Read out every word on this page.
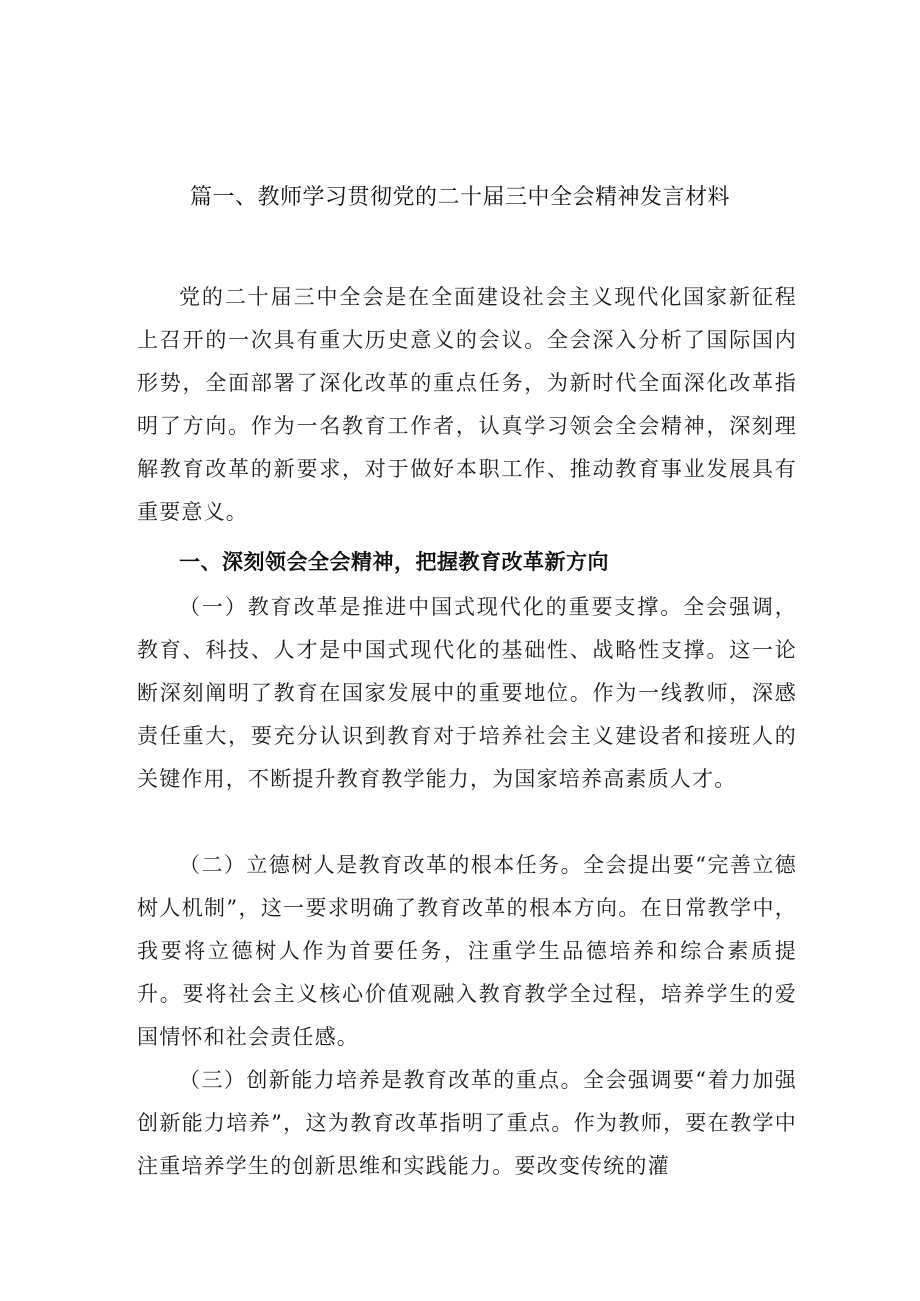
篇一、教师学习贯彻党的二十届三中全会精神发言材料

党的二十届三中全会是在全面建设社会主义现代化国家新征程上召开的一次具有重大历史意义的会议。全会深入分析了国际国内形势，全面部署了深化改革的重点任务，为新时代全面深化改革指明了方向。作为一名教育工作者，认真学习领会全会精神，深刻理解教育改革的新要求，对于做好本职工作、推动教育事业发展具有重要意义。

一、深刻领会全会精神，把握教育改革新方向

（一）教育改革是推进中国式现代化的重要支撑。全会强调，教育、科技、人才是中国式现代化的基础性、战略性支撑。这一论断深刻阐明了教育在国家发展中的重要地位。作为一线教师，深感责任重大，要充分认识到教育对于培养社会主义建设者和接班人的关键作用，不断提升教育教学能力，为国家培养高素质人才。

（二）立德树人是教育改革的根本任务。全会提出要“完善立德树人机制”，这一要求明确了教育改革的根本方向。在日常教学中，我要将立德树人作为首要任务，注重学生品德培养和综合素质提升。要将社会主义核心价值观融入教育教学全过程，培养学生的爱国情怀和社会责任感。

（三）创新能力培养是教育改革的重点。全会强调要“着力加强创新能力培养”，这为教育改革指明了重点。作为教师，要在教学中注重培养学生的创新思维和实践能力。要改变传统的灌
